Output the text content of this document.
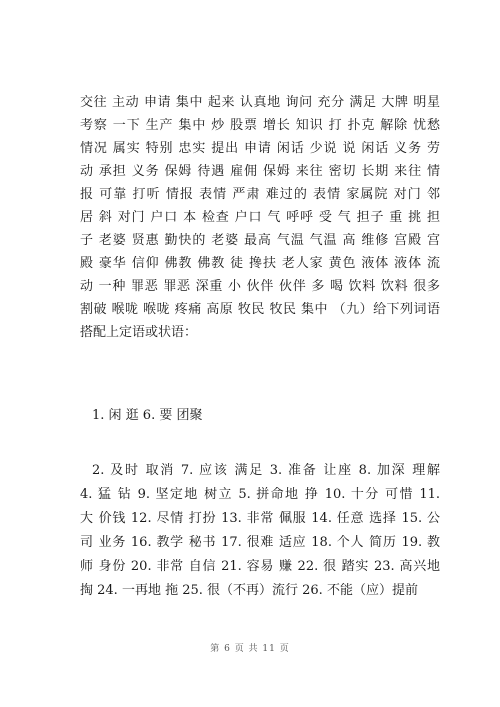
交往 主动 申请 集中 起来 认真地 询问 充分 满足 大牌 明星
考察 一下 生产 集中 炒 股票 增长 知识 打 扑克 解除 忧愁
情况 属实 特别 忠实 提出 申请 闲话 少说 说 闲话 义务 劳
动 承担 义务 保姆 待遇 雇佣 保姆 来往 密切 长期 来往 情
报 可靠 打听 情报 表情 严肃 难过的 表情 家属院 对门 邻
居 斜 对门 户口 本 检查 户口 气 呼呼 受 气 担子 重 挑 担
子 老婆 贤惠 勤快的 老婆 最高 气温 气温 高 维修 宫殿 宫
殿 豪华 信仰 佛教 佛教 徒 搀扶 老人家 黄色 液体 液体 流
动 一种 罪恶 罪恶 深重 小 伙伴 伙伴 多 喝 饮料 饮料 很多
割破 喉咙 喉咙 疼痛 高原 牧民 牧民 集中 （九）给下列词语
搭配上定语或状语：
1. 闲 逛 6. 要 团聚
2. 及时 取消 7. 应该 满足 3. 准备 让座 8. 加深 理解
4. 猛 钻 9. 坚定地 树立 5. 拼命地 挣 10. 十分 可惜 11.
大 价钱 12. 尽情 打扮 13. 非常 佩服 14. 任意 选择 15. 公
司 业务 16. 教学 秘书 17. 很难 适应 18. 个人 简历 19. 教
师 身份 20. 非常 自信 21. 容易 赚 22. 很 踏实 23. 高兴地
掏 24. 一再地 拖 25. 很（不再）流行 26. 不能（应）提前
第 6 页 共 11 页
